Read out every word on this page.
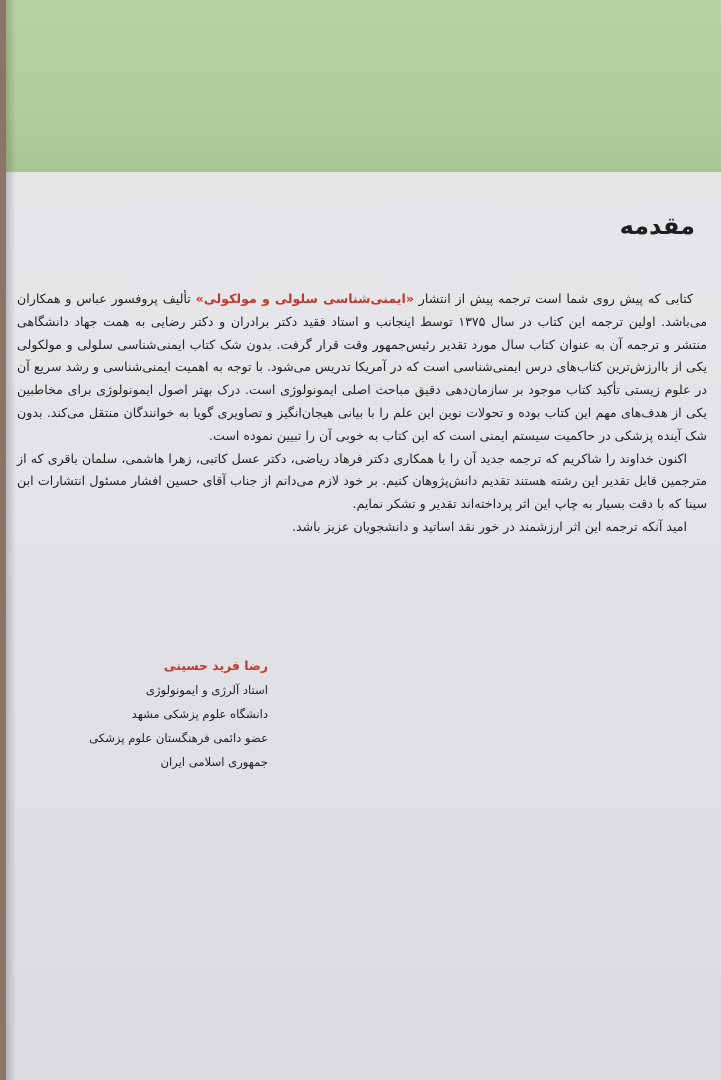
مقدمه

کتابی که پیش روی شما است ترجمه پیش از انتشار «ایمنی‌شناسی سلولی و مولکولی» تألیف پروفسور عباس و همکاران می‌باشد. اولین ترجمه این کتاب در سال ۱۳۷۵ توسط اینجانب و استاد فقید دکتر برادران و دکتر رضایی به همت جهاد دانشگاهی منتشر و ترجمه آن به عنوان کتاب سال مورد تقدیر رئیس‌جمهور وقت قرار گرفت. بدون شک کتاب ایمنی‌شناسی سلولی و مولکولی یکی از باارزش‌ترین کتاب‌های درس ایمنی‌شناسی است که در آمریکا تدریس می‌شود. با توجه به اهمیت ایمنی‌شناسی و رشد سریع آن در علوم زیستی تأکید کتاب موجود بر سازمان‌دهی دقیق مباحث اصلی ایمونولوژی است. درک بهتر اصول ایمونولوژی برای مخاطبین یکی از هدف‌های مهم این کتاب بوده و تحولات نوین این علم را با بیانی هیجان‌انگیز و تصاویری گویا به خوانندگان منتقل می‌کند. بدون شک آینده پزشکی در حاکمیت سیستم ایمنی است که این کتاب به خوبی آن را تبیین نموده است.

اکنون خداوند را شاکریم که ترجمه جدید آن را با همکاری دکتر فرهاد ریاضی، دکتر عسل کاتبی، زهرا هاشمی، سلمان باقری که از مترجمین قابل تقدیر این رشته هستند تقدیم دانش‌پژوهان کنیم. بر خود لازم می‌دانم از جناب آقای حسین افشار مسئول انتشارات ابن سینا که با دقت بسیار به چاپ این اثر پرداخته‌اند تقدیر و تشکر نمایم.

امید آنکه ترجمه این اثر ارزشمند در خور نقد اساتید و دانشجویان عزیز باشد.

رضا فرید حسینی
استاد آلرژی و ایمونولوژی
دانشگاه علوم پزشکی مشهد
عضو دائمی فرهنگستان علوم پزشکی
جمهوری اسلامی ایران
